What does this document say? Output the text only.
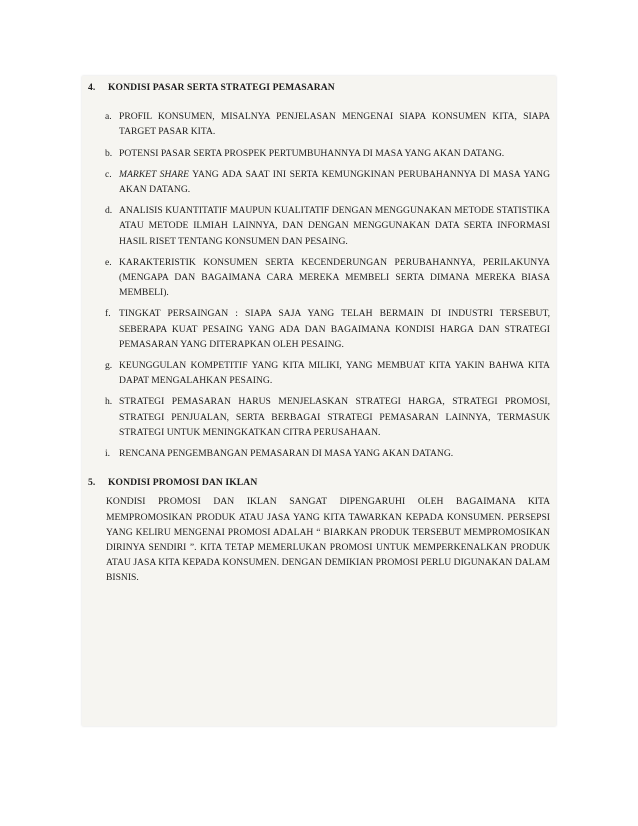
4. KONDISI PASAR SERTA STRATEGI PEMASARAN
a. PROFIL KONSUMEN, MISALNYA PENJELASAN MENGENAI SIAPA KONSUMEN KITA, SIAPA TARGET PASAR KITA.
b. POTENSI PASAR SERTA PROSPEK PERTUMBUHANNYA DI MASA YANG AKAN DATANG.
c. MARKET SHARE YANG ADA SAAT INI SERTA KEMUNGKINAN PERUBAHANNYA DI MASA YANG AKAN DATANG.
d. ANALISIS KUANTITATIF MAUPUN KUALITATIF DENGAN MENGGUNAKAN METODE STATISTIKA ATAU METODE ILMIAH LAINNYA, DAN DENGAN MENGGUNAKAN DATA SERTA INFORMASI HASIL RISET TENTANG KONSUMEN DAN PESAING.
e. KARAKTERISTIK KONSUMEN SERTA KECENDERUNGAN PERUBAHANNYA, PERILAKUNYA (MENGAPA DAN BAGAIMANA CARA MEREKA MEMBELI SERTA DIMANA MEREKA BIASA MEMBELI).
f. TINGKAT PERSAINGAN : SIAPA SAJA YANG TELAH BERMAIN DI INDUSTRI TERSEBUT, SEBERAPA KUAT PESAING YANG ADA DAN BAGAIMANA KONDISI HARGA DAN STRATEGI PEMASARAN YANG DITERAPKAN OLEH PESAING.
g. KEUNGGULAN KOMPETITIF YANG KITA MILIKI, YANG MEMBUAT KITA YAKIN BAHWA KITA DAPAT MENGALAHKAN PESAING.
h. STRATEGI PEMASARAN HARUS MENJELASKAN STRATEGI HARGA, STRATEGI PROMOSI, STRATEGI PENJUALAN, SERTA BERBAGAI STRATEGI PEMASARAN LAINNYA, TERMASUK STRATEGI UNTUK MENINGKATKAN CITRA PERUSAHAAN.
i. RENCANA PENGEMBANGAN PEMASARAN DI MASA YANG AKAN DATANG.
5. KONDISI PROMOSI DAN IKLAN
KONDISI PROMOSI DAN IKLAN SANGAT DIPENGARUHI OLEH BAGAIMANA KITA MEMPROMOSIKAN PRODUK ATAU JASA YANG KITA TAWARKAN KEPADA KONSUMEN. PERSEPSI YANG KELIRU MENGENAI PROMOSI ADALAH “ BIARKAN PRODUK TERSEBUT MEMPROMOSIKAN DIRINYA SENDIRI ”. KITA TETAP MEMERLUKAN PROMOSI UNTUK MEMPERKENALKAN PRODUK ATAU JASA KITA KEPADA KONSUMEN. DENGAN DEMIKIAN PROMOSI PERLU DIGUNAKAN DALAM BISNIS.
